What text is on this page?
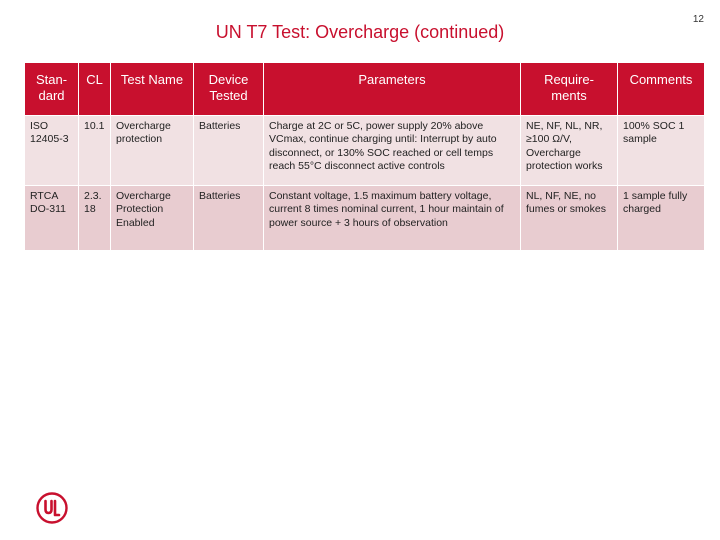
12
UN T7 Test: Overcharge (continued)
Stan- dard	CL	Test Name	Device Tested	Parameters	Require- ments	Comments
ISO 12405-3	10.1	Overcharge protection	Batteries	Charge at 2C or 5C, power supply 20% above VCmax, continue charging until: Interrupt by auto disconnect, or 130% SOC reached or cell temps reach 55°C disconnect active controls	NE, NF, NL, NR, ≥100 Ω/V, Overcharge protection works	100% SOC 1 sample
RTCA DO-311	2.3. 18	Overcharge Protection Enabled	Batteries	Constant voltage, 1.5 maximum battery voltage, current 8 times nominal current, 1 hour maintain of power source + 3 hours of observation	NL, NF, NE, no fumes or smokes	1 sample fully charged
